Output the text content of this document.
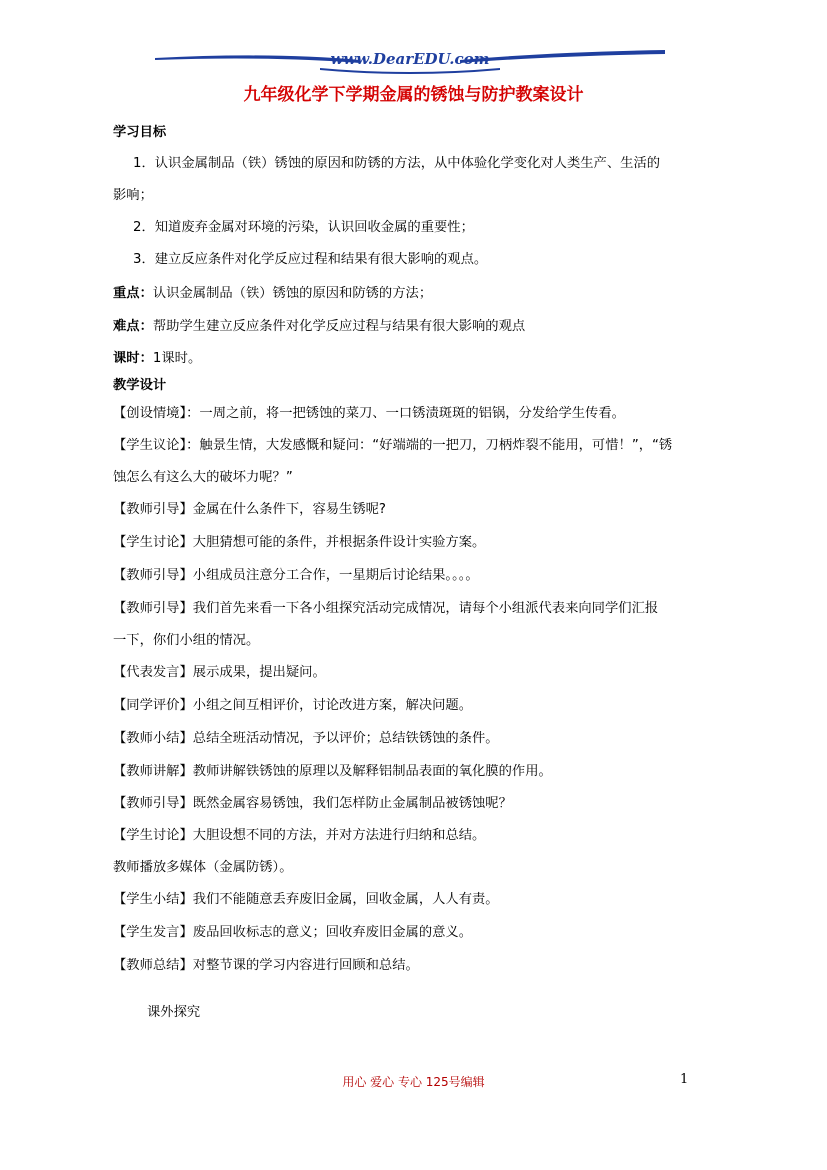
www.DearEDU.com
九年级化学下学期金属的锈蚀与防护教案设计
学习目标
1．认识金属制品（铁）锈蚀的原因和防锈的方法，从中体验化学变化对人类生产、生活的
影响；
2．知道废弃金属对环境的污染，认识回收金属的重要性；
3．建立反应条件对化学反应过程和结果有很大影响的观点。
重点：认识金属制品（铁）锈蚀的原因和防锈的方法；
难点：帮助学生建立反应条件对化学反应过程与结果有很大影响的观点
课时：1课时。
教学设计
【创设情境】：一周之前，将一把锈蚀的菜刀、一口锈渍斑斑的铝锅，分发给学生传看。
【学生议论】：触景生情，大发感慨和疑问：“好端端的一把刀，刀柄炸裂不能用，可惜！”，“锈
蚀怎么有这么大的破坏力呢？”
【教师引导】金属在什么条件下，容易生锈呢?
【学生讨论】大胆猜想可能的条件，并根据条件设计实验方案。
【教师引导】小组成员注意分工合作，一星期后讨论结果。。。。
【教师引导】我们首先来看一下各小组探究活动完成情况，请每个小组派代表来向同学们汇报
一下，你们小组的情况。
【代表发言】展示成果，提出疑问。
【同学评价】小组之间互相评价，讨论改进方案，解决问题。
【教师小结】总结全班活动情况，予以评价；总结铁锈蚀的条件。
【教师讲解】教师讲解铁锈蚀的原理以及解释铝制品表面的氧化膜的作用。
【教师引导】既然金属容易锈蚀，我们怎样防止金属制品被锈蚀呢？
【学生讨论】大胆设想不同的方法，并对方法进行归纳和总结。
教师播放多媒体（金属防锈）。
【学生小结】我们不能随意丢弃废旧金属，回收金属，人人有责。
【学生发言】废品回收标志的意义；回收弃废旧金属的意义。
【教师总结】对整节课的学习内容进行回顾和总结。
课外探究
用心 爱心 专心 125号编辑	1
